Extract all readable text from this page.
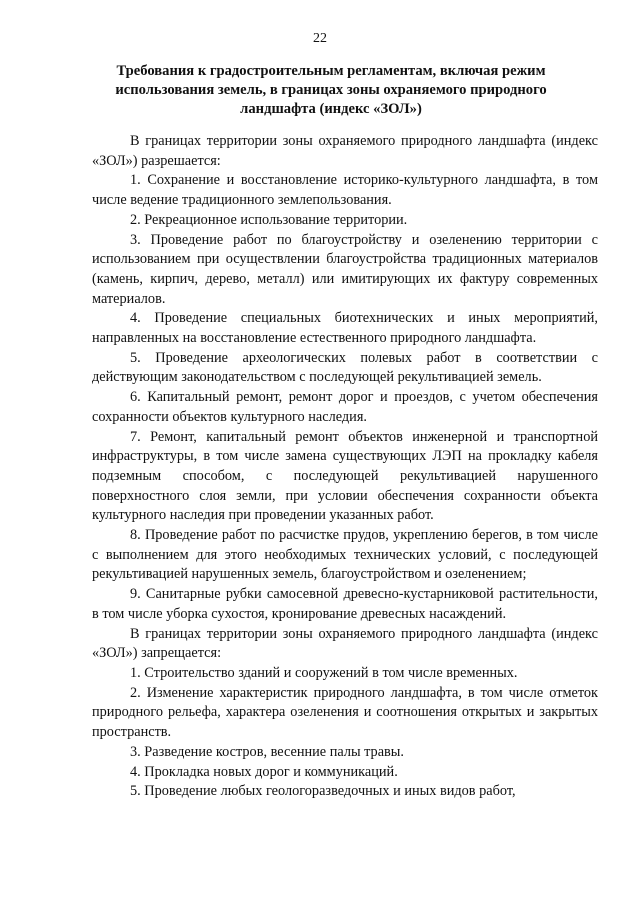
22
Требования к градостроительным регламентам, включая режим
использования земель, в границах зоны охраняемого природного
ландшафта (индекс «ЗОЛ»)

В границах территории зоны охраняемого природного ландшафта (индекс «ЗОЛ») разрешается:

1. Сохранение и восстановление историко-культурного ландшафта, в том числе ведение традиционного землепользования.

2. Рекреационное использование территории.

3. Проведение работ по благоустройству и озеленению территории с использованием при осуществлении благоустройства традиционных материалов (камень, кирпич, дерево, металл) или имитирующих их фактуру современных материалов.

4. Проведение специальных биотехнических и иных мероприятий, направленных на восстановление естественного природного ландшафта.

5. Проведение археологических полевых работ в соответствии с действующим законодательством с последующей рекультивацией земель.

6. Капитальный ремонт, ремонт дорог и проездов, с учетом обеспечения сохранности объектов культурного наследия.

7. Ремонт, капитальный ремонт объектов инженерной и транспортной инфраструктуры, в том числе замена существующих ЛЭП на прокладку кабеля подземным способом, с последующей рекультивацией нарушенного поверхностного слоя земли, при условии обеспечения сохранности объекта культурного наследия при проведении указанных работ.

8. Проведение работ по расчистке прудов, укреплению берегов, в том числе с выполнением для этого необходимых технических условий, с последующей рекультивацией нарушенных земель, благоустройством и озеленением;

9. Санитарные рубки самосевной древесно-кустарниковой растительности, в том числе уборка сухостоя, кронирование древесных насаждений.

В границах территории зоны охраняемого природного ландшафта (индекс «ЗОЛ») запрещается:

1. Строительство зданий и сооружений в том числе временных.

2. Изменение характеристик природного ландшафта, в том числе отметок природного рельефа, характера озеленения и соотношения открытых и закрытых пространств.

3. Разведение костров, весенние палы травы.

4. Прокладка новых дорог и коммуникаций.

5. Проведение любых геологоразведочных и иных видов работ,
